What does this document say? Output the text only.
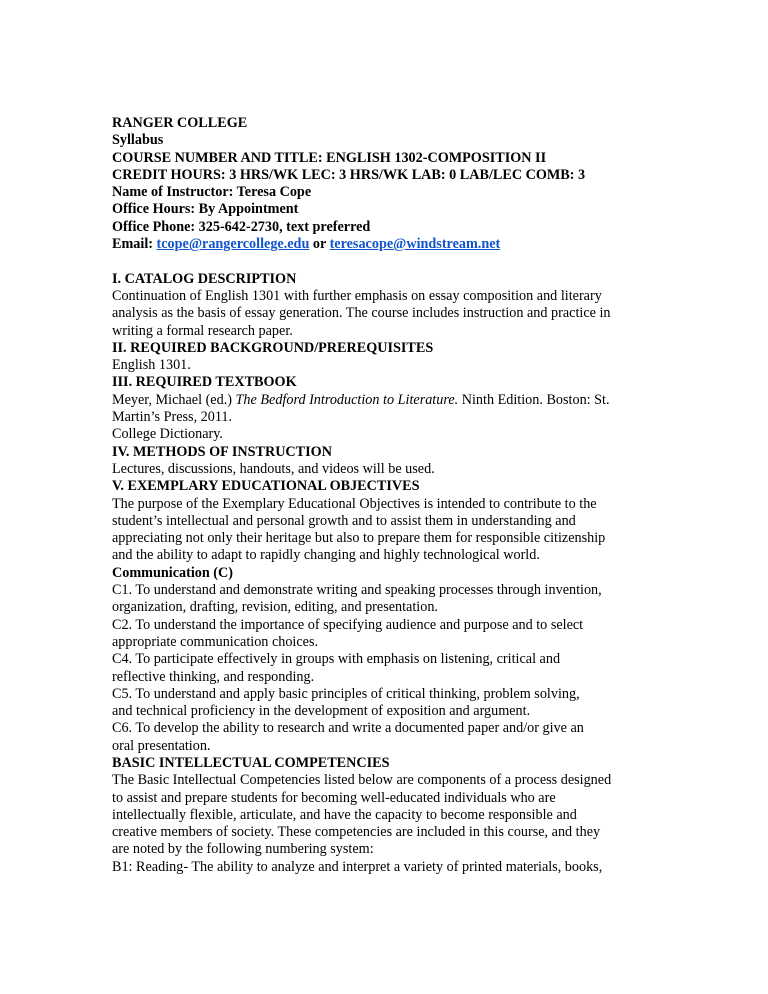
RANGER COLLEGE
Syllabus
COURSE NUMBER AND TITLE: ENGLISH 1302-COMPOSITION II
CREDIT HOURS: 3 HRS/WK LEC: 3 HRS/WK LAB: 0 LAB/LEC COMB: 3
Name of Instructor: Teresa Cope
Office Hours: By Appointment
Office Phone: 325-642-2730, text preferred
Email: tcope@rangercollege.edu or teresacope@windstream.net
I. CATALOG DESCRIPTION
Continuation of English 1301 with further emphasis on essay composition and literary
analysis as the basis of essay generation. The course includes instruction and practice in
writing a formal research paper.
II. REQUIRED BACKGROUND/PREREQUISITES
English 1301.
III. REQUIRED TEXTBOOK
Meyer, Michael (ed.) The Bedford Introduction to Literature. Ninth Edition. Boston: St.
Martin’s Press, 2011.
College Dictionary.
IV. METHODS OF INSTRUCTION
Lectures, discussions, handouts, and videos will be used.
V. EXEMPLARY EDUCATIONAL OBJECTIVES
The purpose of the Exemplary Educational Objectives is intended to contribute to the
student’s intellectual and personal growth and to assist them in understanding and
appreciating not only their heritage but also to prepare them for responsible citizenship
and the ability to adapt to rapidly changing and highly technological world.
Communication (C)
C1. To understand and demonstrate writing and speaking processes through invention,
organization, drafting, revision, editing, and presentation.
C2. To understand the importance of specifying audience and purpose and to select
appropriate communication choices.
C4. To participate effectively in groups with emphasis on listening, critical and
reflective thinking, and responding.
C5. To understand and apply basic principles of critical thinking, problem solving,
and technical proficiency in the development of exposition and argument.
C6. To develop the ability to research and write a documented paper and/or give an
oral presentation.
BASIC INTELLECTUAL COMPETENCIES
The Basic Intellectual Competencies listed below are components of a process designed
to assist and prepare students for becoming well-educated individuals who are
intellectually flexible, articulate, and have the capacity to become responsible and
creative members of society. These competencies are included in this course, and they
are noted by the following numbering system:
B1: Reading- The ability to analyze and interpret a variety of printed materials, books,
